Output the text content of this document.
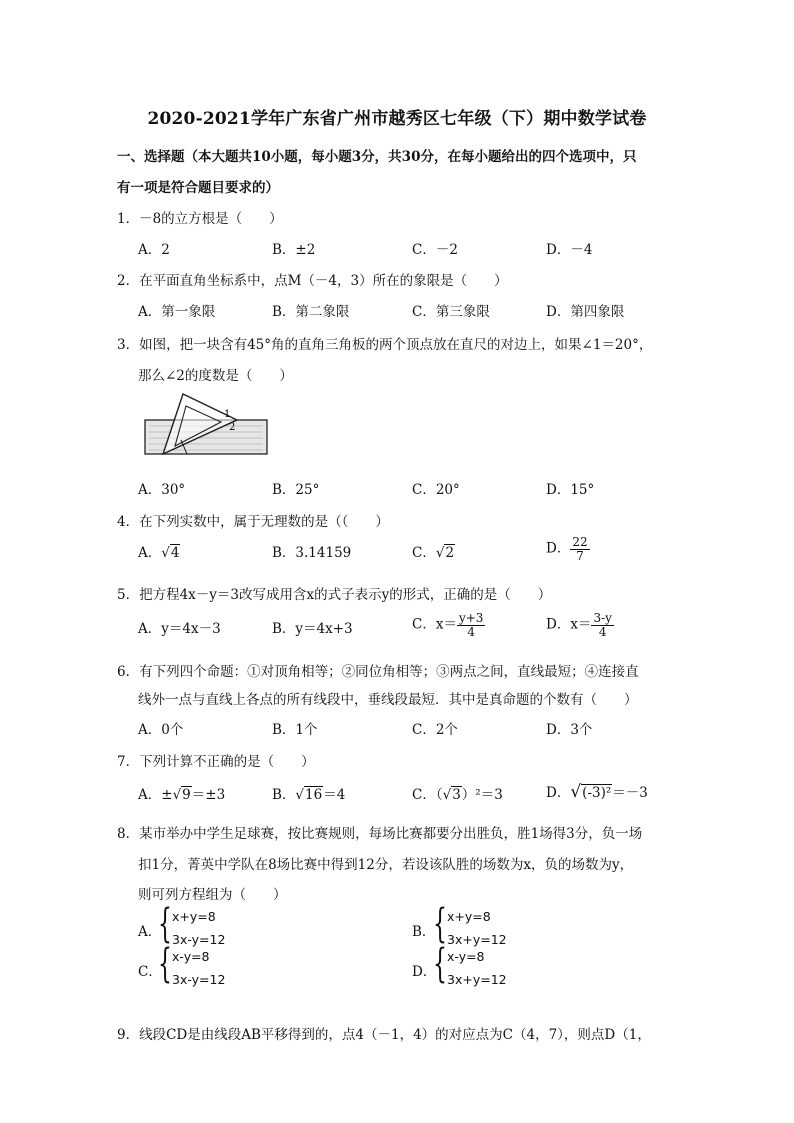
2020-2021学年广东省广州市越秀区七年级（下）期中数学试卷
一、选择题（本大题共10小题，每小题3分，共30分，在每小题给出的四个选项中，只
有一项是符合题目要求的）
1．－8的立方根是（　　）
A．2	B．±2	C．－2	D．－4
2．在平面直角坐标系中，点M（－4，3）所在的象限是（　　）
A．第一象限	B．第二象限	C．第三象限	D．第四象限
3．如图，把一块含有45°角的直角三角板的两个顶点放在直尺的对边上，如果∠1＝20°，
那么∠2的度数是（　　）
1
2
A．30°	B．25°	C．20°	D．15°
4．在下列实数中，属于无理数的是（（　　）
A．√4	B．3.14159	C．√2	D． $\frac{22}{7}$
5．把方程4x－y＝3改写成用含x的式子表示y的形式，正确的是（　　）
A．y＝4x－3	B．y＝4x+3	C．$x= \frac{y+3}{4}$	D．$x= \frac{3-y}{4}$
6．有下列四个命题：①对顶角相等；②同位角相等；③两点之间，直线最短；④连接直
线外一点与直线上各点的所有线段中，垂线段最短．其中是真命题的个数有（　　）
A．0个	B．1个	C．2个	D．3个
7．下列计算不正确的是（　　）
A．±√9＝±3	B．√16＝4	C．（√3）²＝3	D．√(-3)²＝－3
8．某市举办中学生足球赛，按比赛规则，每场比赛都要分出胜负，胜1场得3分，负一场
扣1分，菁英中学队在8场比赛中得到12分，若设该队胜的场数为x，负的场数为y，
则可列方程组为（　　）
A．
{ x+y=8
3x-y=12	B．
{ x+y=8
3x+y=12
C．
{ x-y=8
3x-y=12	D．
{ x-y=8
3x+y=12
9．线段CD是由线段AB平移得到的，点4（－1，4）的对应点为C（4，7），则点D（1，
